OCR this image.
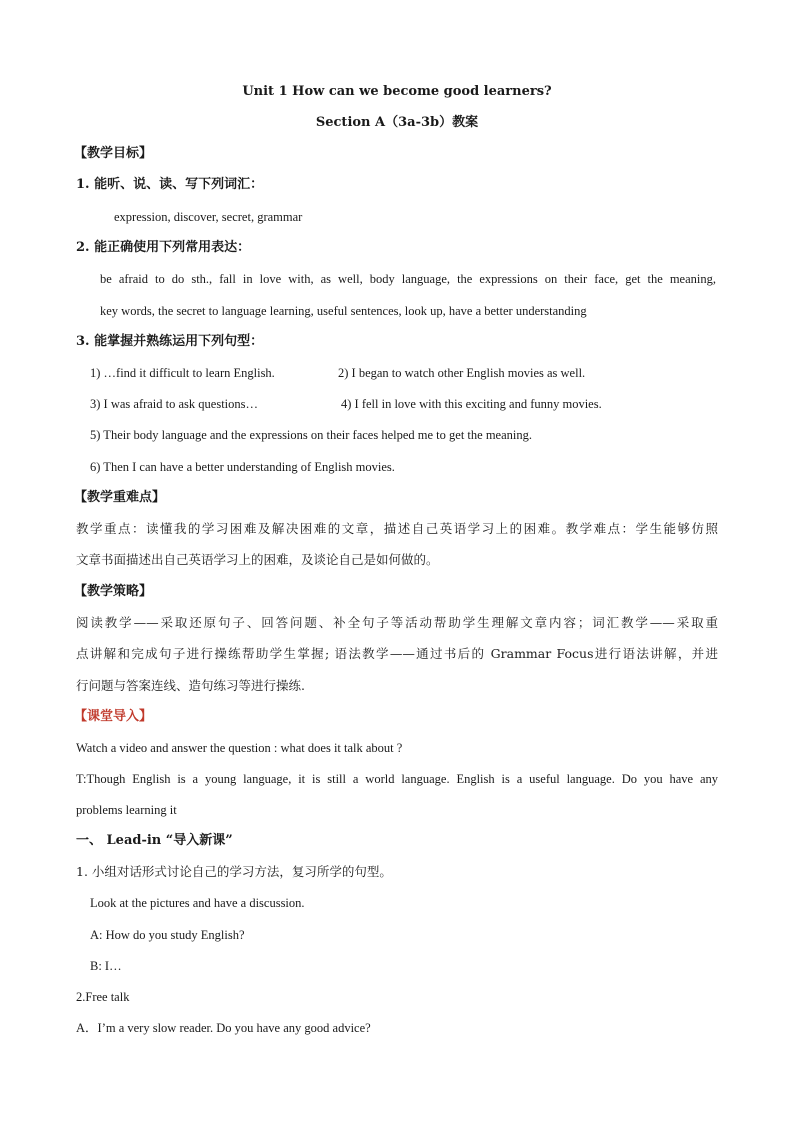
Unit 1 How can we become good learners?
Section A（3a-3b）教案
【教学目标】
1. 能听、说、读、写下列词汇：
expression, discover, secret, grammar
2. 能正确使用下列常用表达：
be afraid to do sth., fall in love with, as well, body language, the expressions on their face, get the meaning,
key words, the secret to language learning, useful sentences, look up, have a better understanding
3. 能掌握并熟练运用下列句型：
1) …find it difficult to learn English.	2) I began to watch other English movies as well.
3) I was afraid to ask questions…	4) I fell in love with this exciting and funny movies.
5) Their body language and the expressions on their faces helped me to get the meaning.
6) Then I can have a better understanding of English movies.
【教学重难点】
教学重点：读懂我的学习困难及解决困难的文章，描述自己英语学习上的困难。教学难点：学生能够仿照
文章书面描述出自己英语学习上的困难，及谈论自己是如何做的。
【教学策略】
阅读教学——采取还原句子、回答问题、补全句子等活动帮助学生理解文章内容；词汇教学——采取重
点讲解和完成句子进行操练帮助学生掌握; 语法教学——通过书后的 Grammar Focus进行语法讲解，并进
行问题与答案连线、造句练习等进行操练.
【课堂导入】
Watch a video and answer the question : what does it talk about ?
T:Though English is a young language, it is still a world language. English is a useful language. Do you have any
problems learning it
一、 Lead-in “导入新课”
1. 小组对话形式讨论自己的学习方法，复习所学的句型。
Look at the pictures and have a discussion.
A: How do you study English?
B: I…
2.Free talk
A．I’m a very slow reader. Do you have any good advice?
